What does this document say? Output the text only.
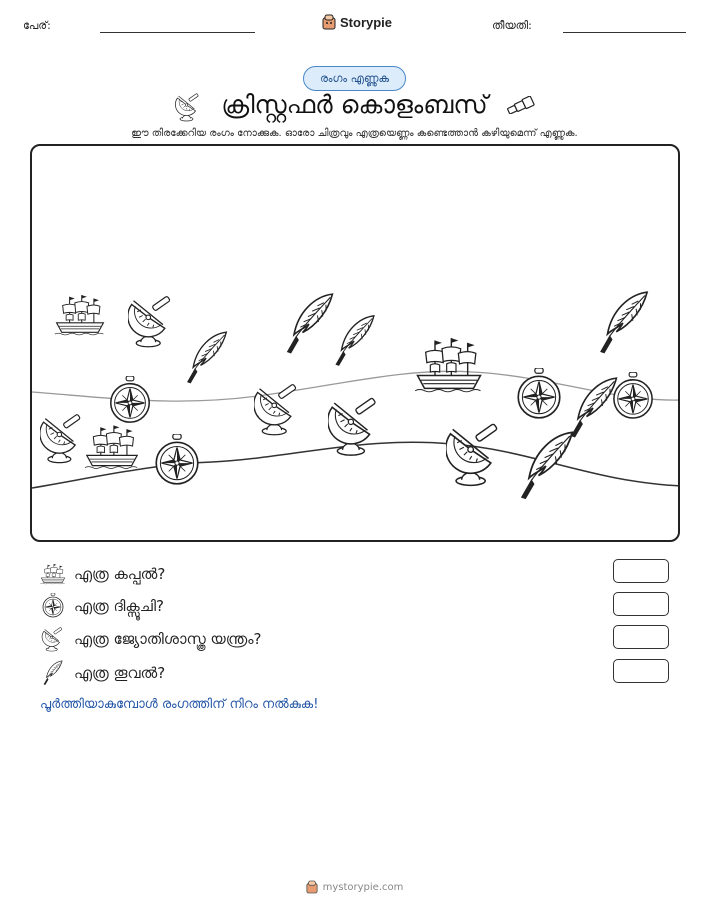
പേര്:	Storypie	തീയതി:
രംഗം എണ്ണുക
ക്രിസ്റ്റഫർ കൊളംബസ്
ഈ തിരക്കേറിയ രംഗം നോക്കുക. ഓരോ ചിത്രവും എത്രയെണ്ണം കണ്ടെത്താൻ കഴിയുമെന്ന് എണ്ണുക.
എത്ര കപ്പൽ?
എത്ര ദിക്സൂചി?
എത്ര ജ്യോതിശാസ്ത്ര യന്ത്രം?
എത്ര തൂവൽ?
പൂർത്തിയാകുമ്പോൾ രംഗത്തിന് നിറം നൽകുക!
mystorypie.com
